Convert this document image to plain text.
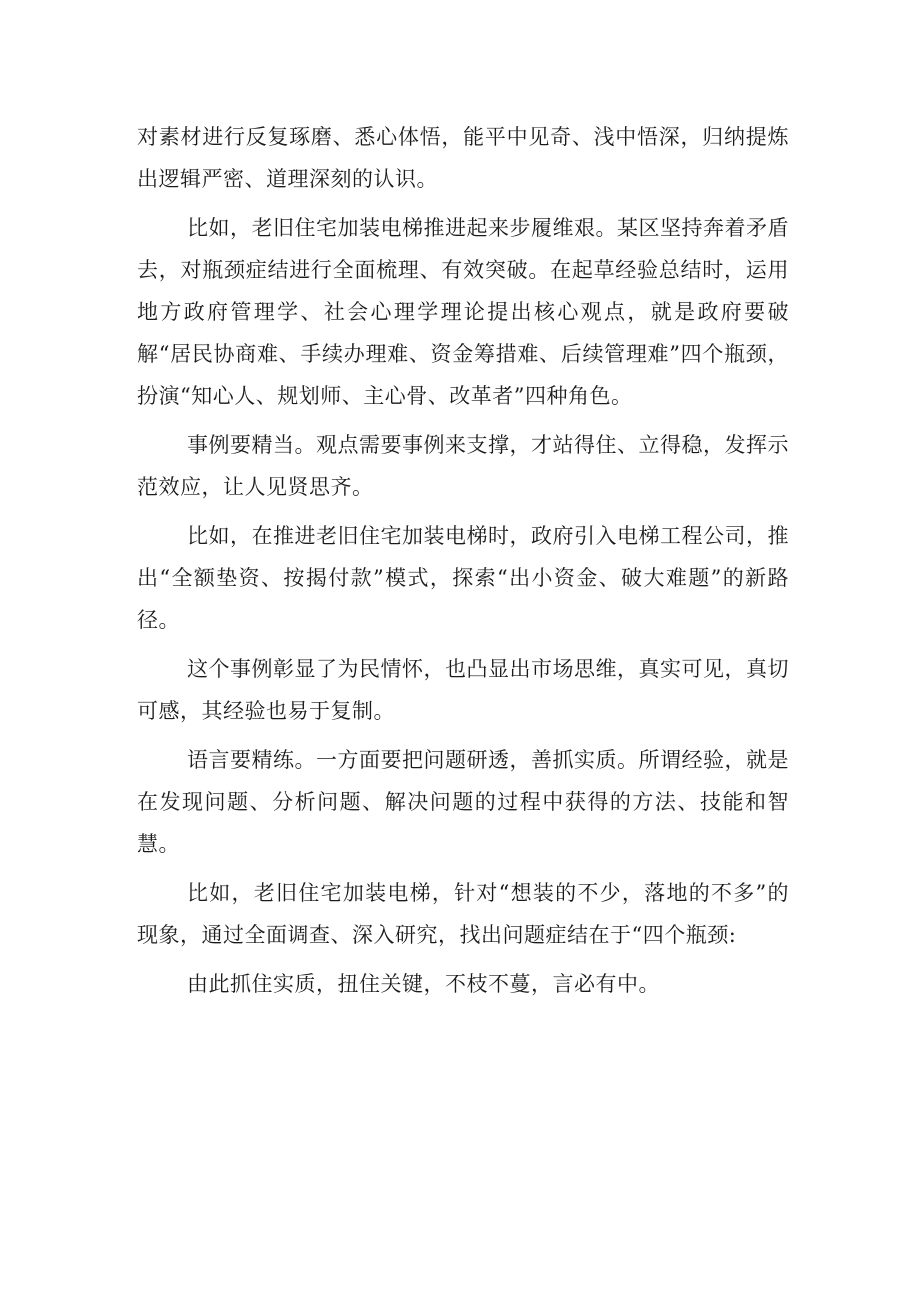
对素材进行反复琢磨、悉心体悟，能平中见奇、浅中悟深，归纳提炼出逻辑严密、道理深刻的认识。

比如，老旧住宅加装电梯推进起来步履维艰。某区坚持奔着矛盾去，对瓶颈症结进行全面梳理、有效突破。在起草经验总结时，运用地方政府管理学、社会心理学理论提出核心观点，就是政府要破解“居民协商难、手续办理难、资金筹措难、后续管理难”四个瓶颈，扮演“知心人、规划师、主心骨、改革者”四种角色。

事例要精当。观点需要事例来支撑，才站得住、立得稳，发挥示范效应，让人见贤思齐。

比如，在推进老旧住宅加装电梯时，政府引入电梯工程公司，推出“全额垫资、按揭付款”模式，探索“出小资金、破大难题”的新路径。

这个事例彰显了为民情怀，也凸显出市场思维，真实可见，真切可感，其经验也易于复制。

语言要精练。一方面要把问题研透，善抓实质。所谓经验，就是在发现问题、分析问题、解决问题的过程中获得的方法、技能和智慧。

比如，老旧住宅加装电梯，针对“想装的不少，落地的不多”的现象，通过全面调查、深入研究，找出问题症结在于“四个瓶颈:

由此抓住实质，扭住关键，不枝不蔓，言必有中。
